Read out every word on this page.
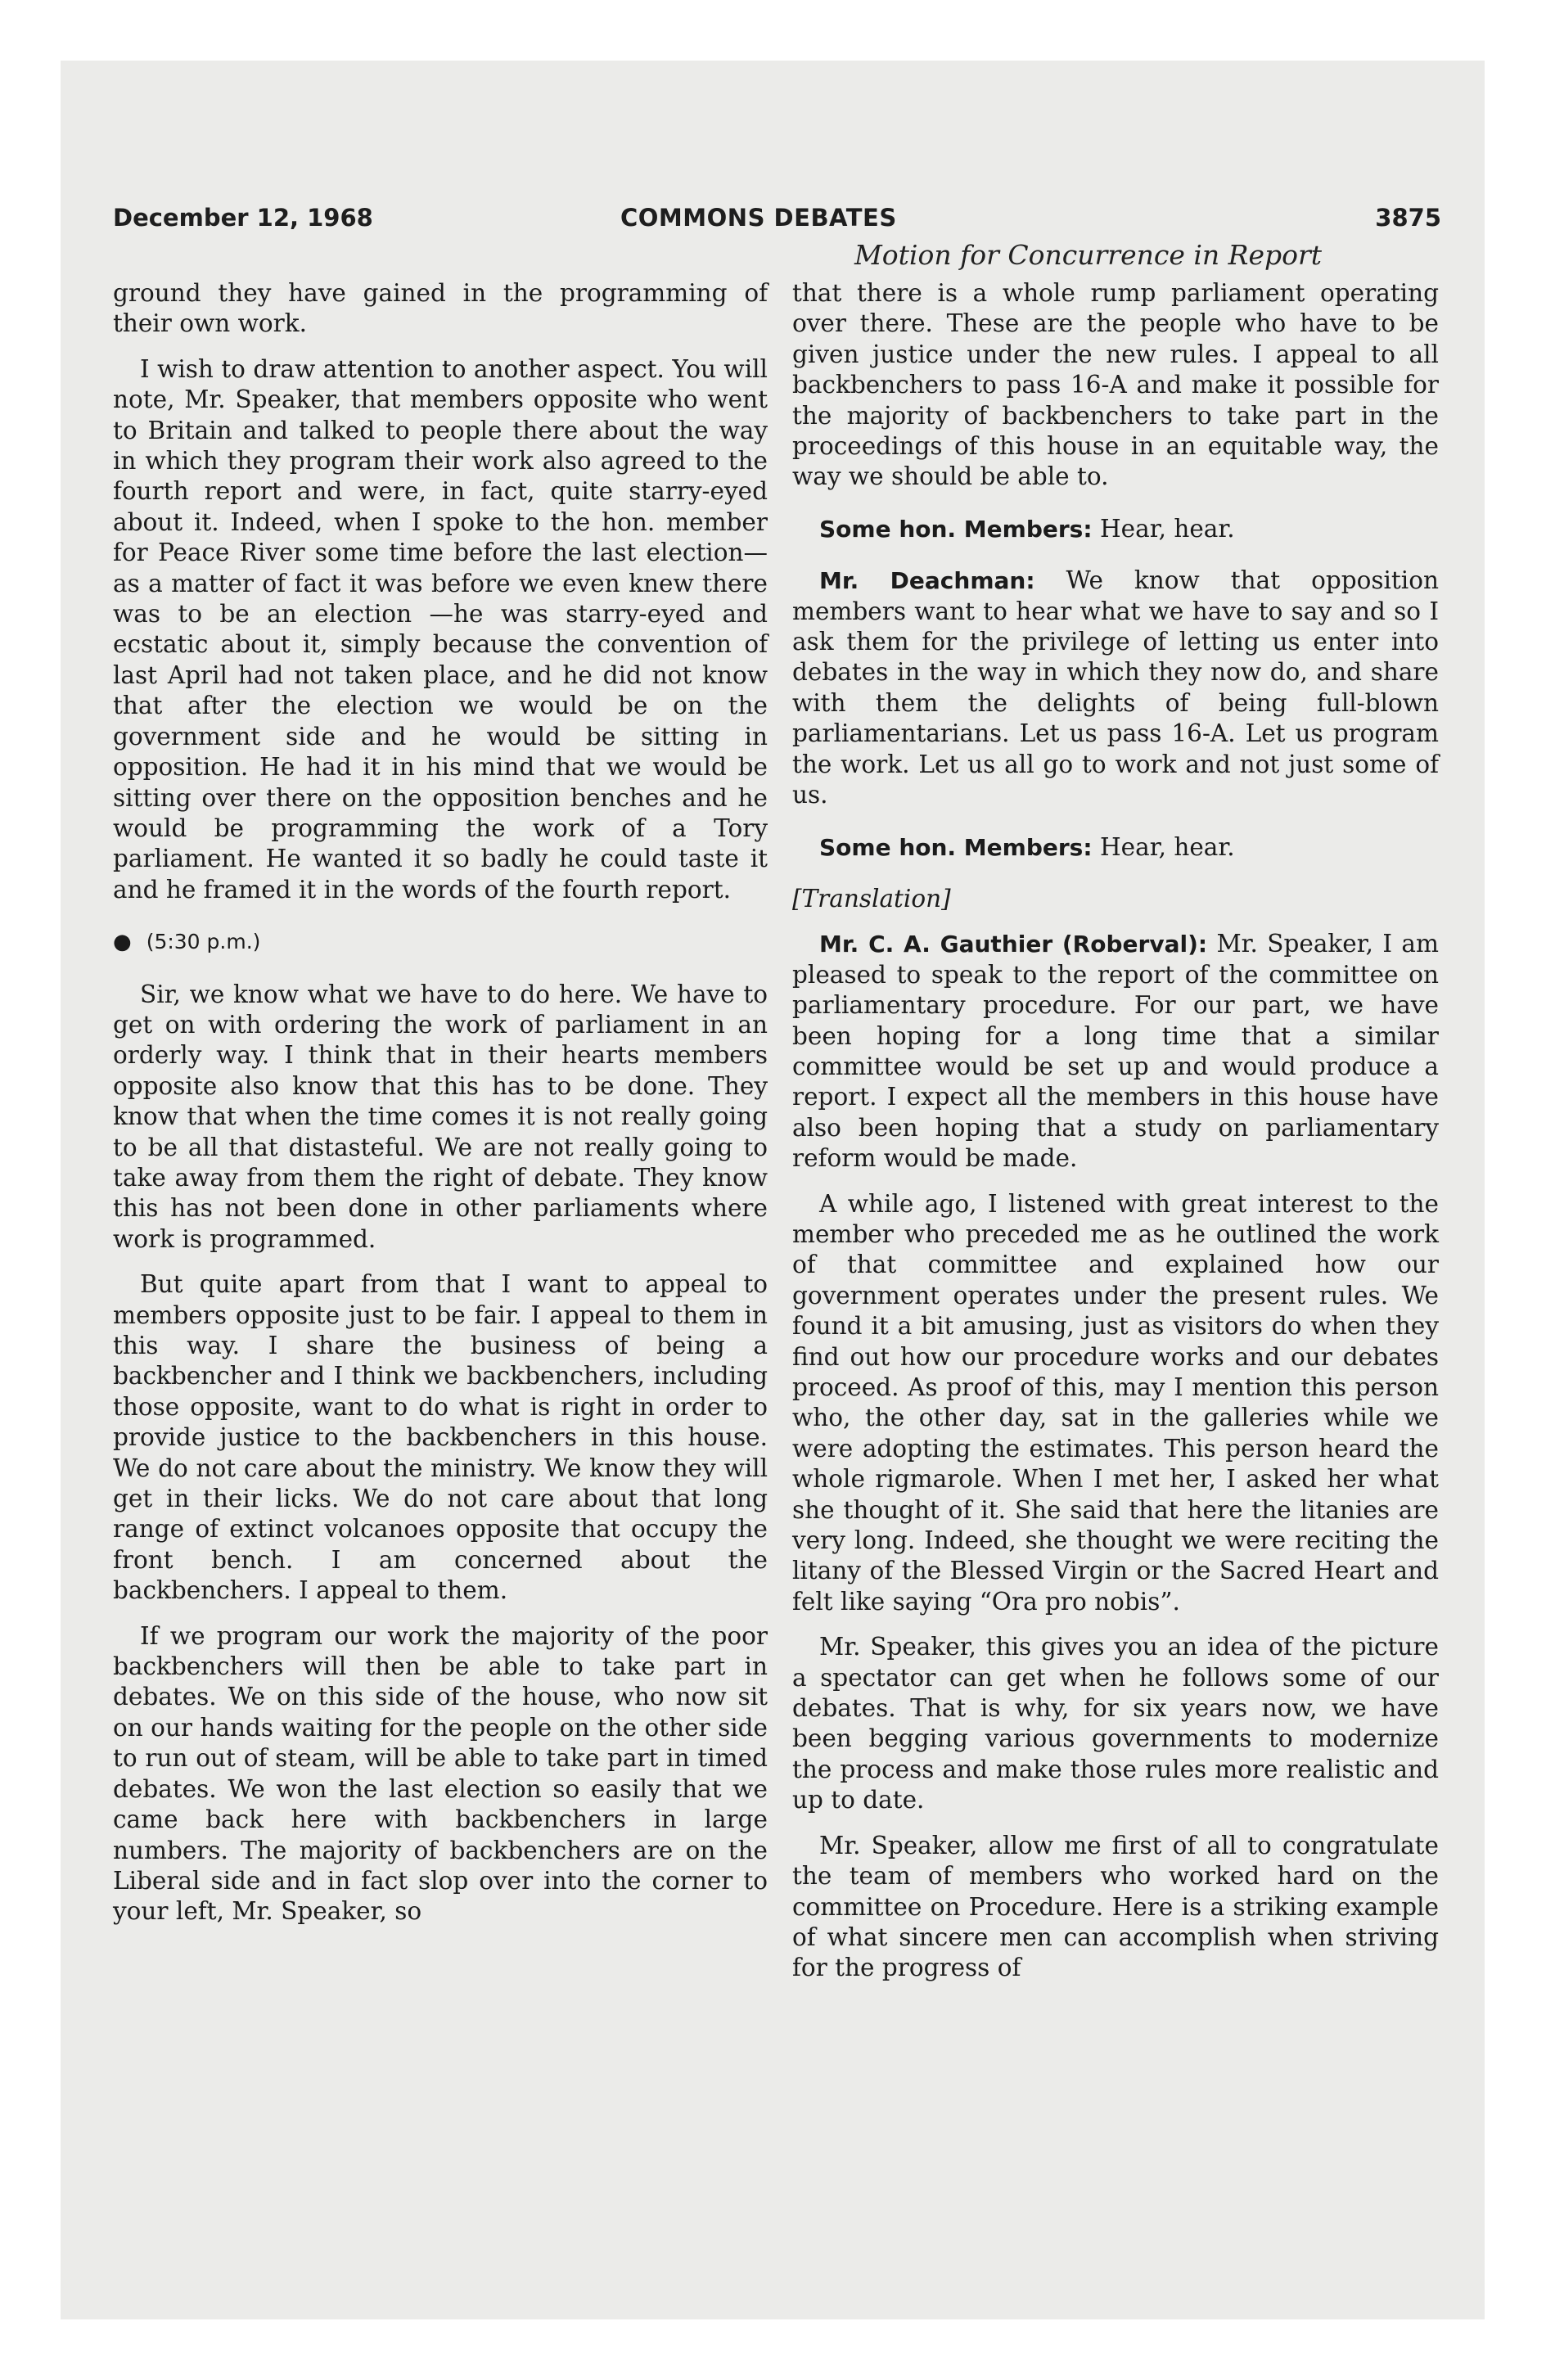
December 12, 1968	COMMONS DEBATES	3875
Motion for Concurrence in Report

ground they have gained in the programming of their own work.

I wish to draw attention to another aspect. You will note, Mr. Speaker, that members opposite who went to Britain and talked to people there about the way in which they program their work also agreed to the fourth report and were, in fact, quite starry-eyed about it. Indeed, when I spoke to the hon. member for Peace River some time before the last election—as a matter of fact it was before we even knew there was to be an election —he was starry-eyed and ecstatic about it, simply because the convention of last April had not taken place, and he did not know that after the election we would be on the government side and he would be sitting in opposition. He had it in his mind that we would be sitting over there on the opposition benches and he would be programming the work of a Tory parliament. He wanted it so badly he could taste it and he framed it in the words of the fourth report.

● (5:30 p.m.)

Sir, we know what we have to do here. We have to get on with ordering the work of parliament in an orderly way. I think that in their hearts members opposite also know that this has to be done. They know that when the time comes it is not really going to be all that distasteful. We are not really going to take away from them the right of debate. They know this has not been done in other parliaments where work is programmed.

But quite apart from that I want to appeal to members opposite just to be fair. I appeal to them in this way. I share the business of being a backbencher and I think we backbenchers, including those opposite, want to do what is right in order to provide justice to the backbenchers in this house. We do not care about the ministry. We know they will get in their licks. We do not care about that long range of extinct volcanoes opposite that occupy the front bench. I am concerned about the backbenchers. I appeal to them.

If we program our work the majority of the poor backbenchers will then be able to take part in debates. We on this side of the house, who now sit on our hands waiting for the people on the other side to run out of steam, will be able to take part in timed debates. We won the last election so easily that we came back here with backbenchers in large numbers. The majority of backbenchers are on the Liberal side and in fact slop over into the corner to your left, Mr. Speaker, so

that there is a whole rump parliament operating over there. These are the people who have to be given justice under the new rules. I appeal to all backbenchers to pass 16-A and make it possible for the majority of backbenchers to take part in the proceedings of this house in an equitable way, the way we should be able to.

Some hon. Members: Hear, hear.

Mr. Deachman: We know that opposition members want to hear what we have to say and so I ask them for the privilege of letting us enter into debates in the way in which they now do, and share with them the delights of being full-blown parliamentarians. Let us pass 16-A. Let us program the work. Let us all go to work and not just some of us.

Some hon. Members: Hear, hear.

[Translation]

Mr. C. A. Gauthier (Roberval): Mr. Speaker, I am pleased to speak to the report of the committee on parliamentary procedure. For our part, we have been hoping for a long time that a similar committee would be set up and would produce a report. I expect all the members in this house have also been hoping that a study on parliamentary reform would be made.

A while ago, I listened with great interest to the member who preceded me as he outlined the work of that committee and explained how our government operates under the present rules. We found it a bit amusing, just as visitors do when they find out how our procedure works and our debates proceed. As proof of this, may I mention this person who, the other day, sat in the galleries while we were adopting the estimates. This person heard the whole rigmarole. When I met her, I asked her what she thought of it. She said that here the litanies are very long. Indeed, she thought we were reciting the litany of the Blessed Virgin or the Sacred Heart and felt like saying “Ora pro nobis”.

Mr. Speaker, this gives you an idea of the picture a spectator can get when he follows some of our debates. That is why, for six years now, we have been begging various governments to modernize the process and make those rules more realistic and up to date.

Mr. Speaker, allow me first of all to congratulate the team of members who worked hard on the committee on Procedure. Here is a striking example of what sincere men can accomplish when striving for the progress of
